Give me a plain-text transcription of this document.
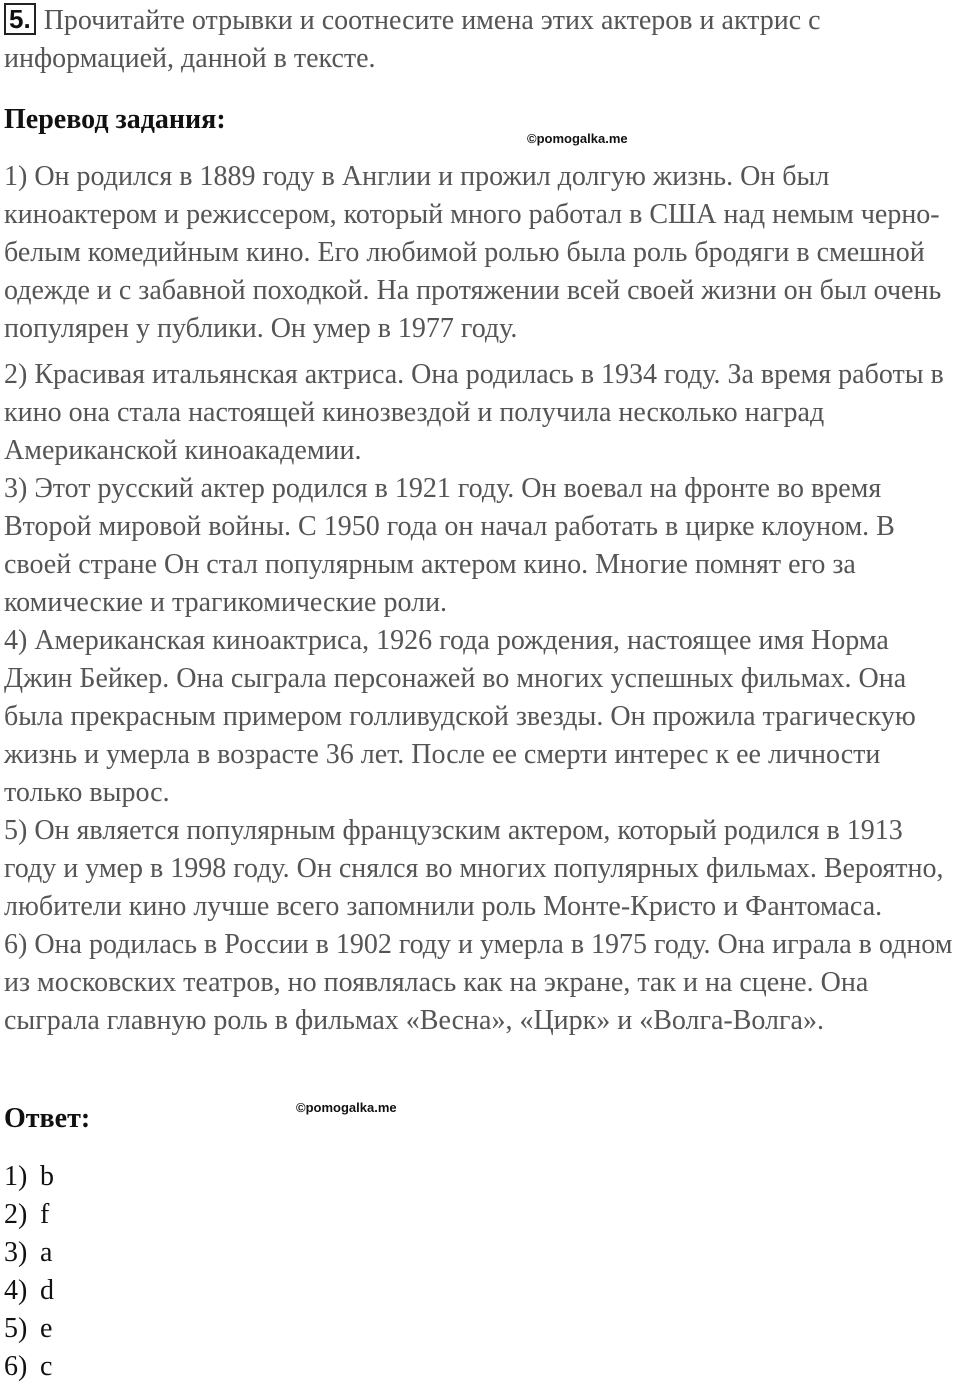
5. Прочитайте отрывки и соотнесите имена этих актеров и актрис с информацией, данной в тексте.
Перевод задания:
©pomogalka.me

1) Он родился в 1889 году в Англии и прожил долгую жизнь. Он был киноактером и режиссером, который много работал в США над немым черно-белым комедийным кино. Его любимой ролью была роль бродяги в смешной одежде и с забавной походкой. На протяжении всей своей жизни он был очень популярен у публики. Он умер в 1977 году.

2) Красивая итальянская актриса. Она родилась в 1934 году. За время работы в кино она стала настоящей кинозвездой и получила несколько наград Американской киноакадемии.

3) Этот русский актер родился в 1921 году. Он воевал на фронте во время Второй мировой войны. С 1950 года он начал работать в цирке клоуном. В своей стране Он стал популярным актером кино. Многие помнят его за комические и трагикомические роли.

4) Американская киноактриса, 1926 года рождения, настоящее имя Норма Джин Бейкер. Она сыграла персонажей во многих успешных фильмах. Она была прекрасным примером голливудской звезды. Он прожила трагическую жизнь и умерла в возрасте 36 лет. После ее смерти интерес к ее личности только вырос.

5) Он является популярным французским актером, который родился в 1913 году и умер в 1998 году. Он снялся во многих популярных фильмах. Вероятно, любители кино лучше всего запомнили роль Монте-Кристо и Фантомаса.

6) Она родилась в России в 1902 году и умерла в 1975 году. Она играла в одном из московских театров, но появлялась как на экране, так и на сцене. Она сыграла главную роль в фильмах «Весна», «Цирк» и «Волга-Волга».

Ответ:	©pomogalka.me
1) b
2) f
3) a
4) d
5) e
6) c
